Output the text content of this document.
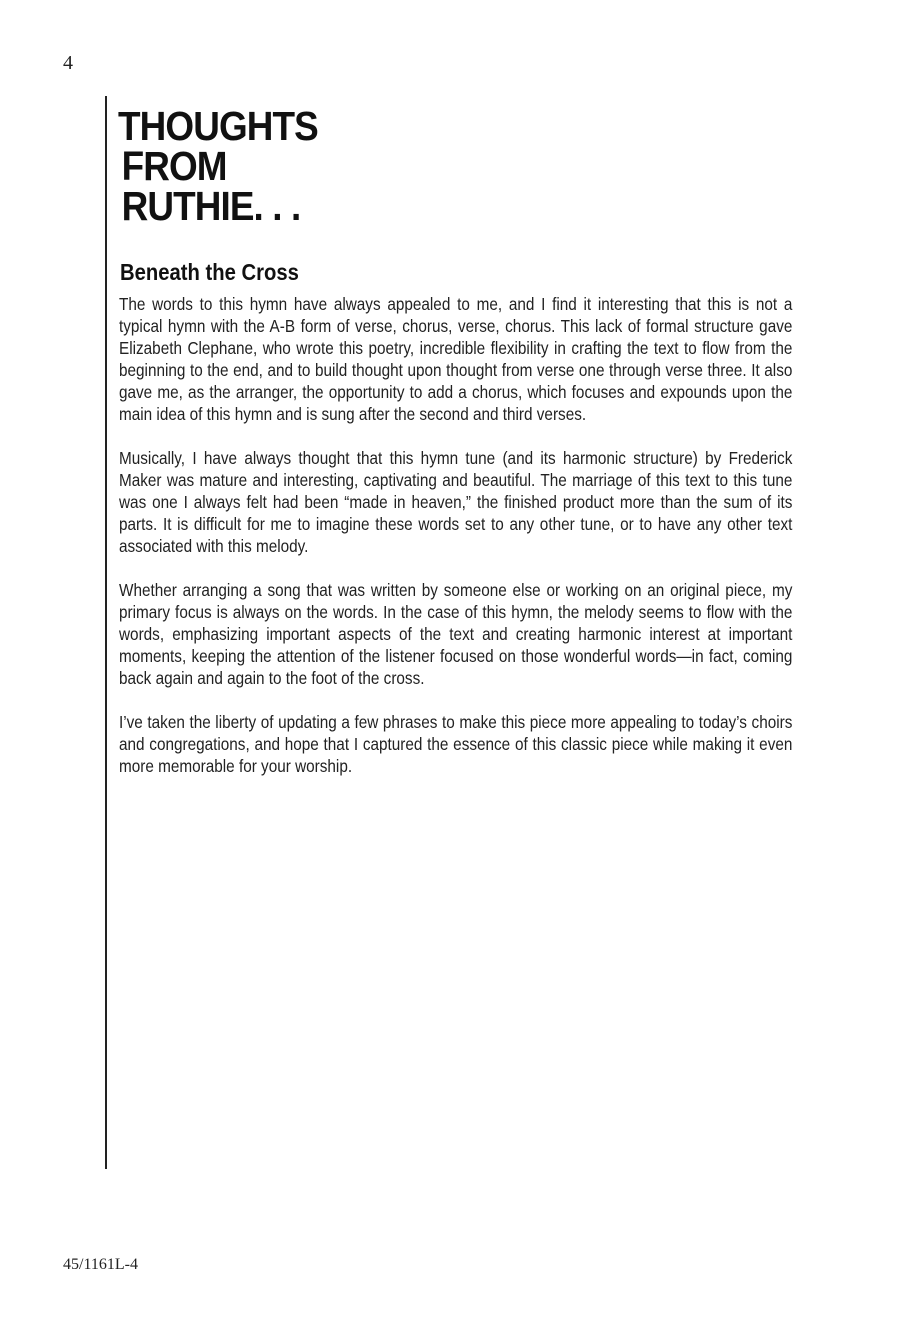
4
THOUGHTS
FROM
RUTHIE. . .
Beneath the Cross

The words to this hymn have always appealed to me, and I find it interesting that this is not a typical hymn with the A-B form of verse, chorus, verse, chorus. This lack of formal structure gave Elizabeth Clephane, who wrote this poetry, incredible flexibility in crafting the text to flow from the beginning to the end, and to build thought upon thought from verse one through verse three. It also gave me, as the arranger, the opportunity to add a chorus, which focuses and expounds upon the main idea of this hymn and is sung after the second and third verses.

Musically, I have always thought that this hymn tune (and its harmonic structure) by Frederick Maker was mature and interesting, captivating and beautiful. The marriage of this text to this tune was one I always felt had been “made in heaven,” the finished product more than the sum of its parts. It is difficult for me to imagine these words set to any other tune, or to have any other text associated with this melody.

Whether arranging a song that was written by someone else or working on an original piece, my primary focus is always on the words. In the case of this hymn, the melody seems to flow with the words, emphasizing important aspects of the text and creating harmonic interest at important moments, keeping the attention of the listener focused on those wonderful words—in fact, coming back again and again to the foot of the cross.

I’ve taken the liberty of updating a few phrases to make this piece more appealing to today’s choirs and congregations, and hope that I captured the essence of this classic piece while making it even more memorable for your worship.

45/1161L-4
